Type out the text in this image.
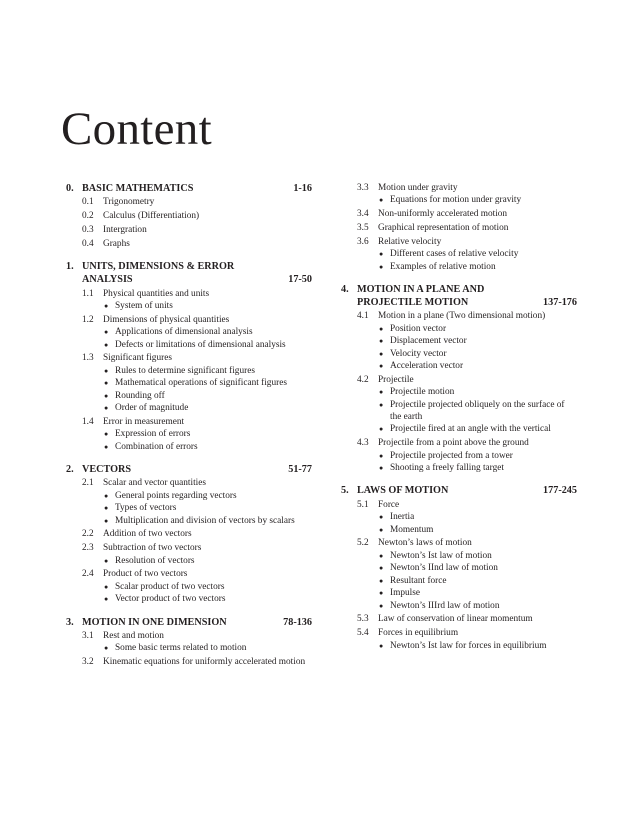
Content
0. BASIC MATHEMATICS	1-16
0.1 Trigonometry
0.2 Calculus (Differentiation)
0.3 Intergration
0.4 Graphs
1. UNITS, DIMENSIONS & ERROR
ANALYSIS	17-50
1.1 Physical quantities and units
● System of units
1.2 Dimensions of physical quantities
● Applications of dimensional analysis
● Defects or limitations of dimensional analysis
1.3 Significant figures
● Rules to determine significant figures
● Mathematical operations of significant figures
● Rounding off
● Order of magnitude
1.4 Error in measurement
● Expression of errors
● Combination of errors
2. VECTORS	51-77
2.1 Scalar and vector quantities
● General points regarding vectors
● Types of vectors
● Multiplication and division of vectors by scalars
2.2 Addition of two vectors
2.3 Subtraction of two vectors
● Resolution of vectors
2.4 Product of two vectors
● Scalar product of two vectors
● Vector product of two vectors
3. MOTION IN ONE DIMENSION	78-136
3.1 Rest and motion
● Some basic terms related to motion
3.2 Kinematic equations for uniformly accelerated motion
3.3 Motion under gravity
● Equations for motion under gravity
3.4 Non-uniformly accelerated motion
3.5 Graphical representation of motion
3.6 Relative velocity
● Different cases of relative velocity
● Examples of relative motion
4. MOTION IN A PLANE AND
PROJECTILE MOTION	137-176
4.1 Motion in a plane (Two dimensional motion)
● Position vector
● Displacement vector
● Velocity vector
● Acceleration vector
4.2 Projectile
● Projectile motion
● Projectile projected obliquely on the surface of the earth
● Projectile fired at an angle with the vertical
4.3 Projectile from a point above the ground
● Projectile projected from a tower
● Shooting a freely falling target
5. LAWS OF MOTION	177-245
5.1 Force
● Inertia
● Momentum
5.2 Newton’s laws of motion
● Newton’s Ist law of motion
● Newton’s IInd law of motion
● Resultant force
● Impulse
● Newton’s IIIrd law of motion
5.3 Law of conservation of linear momentum
5.4 Forces in equilibrium
● Newton’s Ist law for forces in equilibrium
